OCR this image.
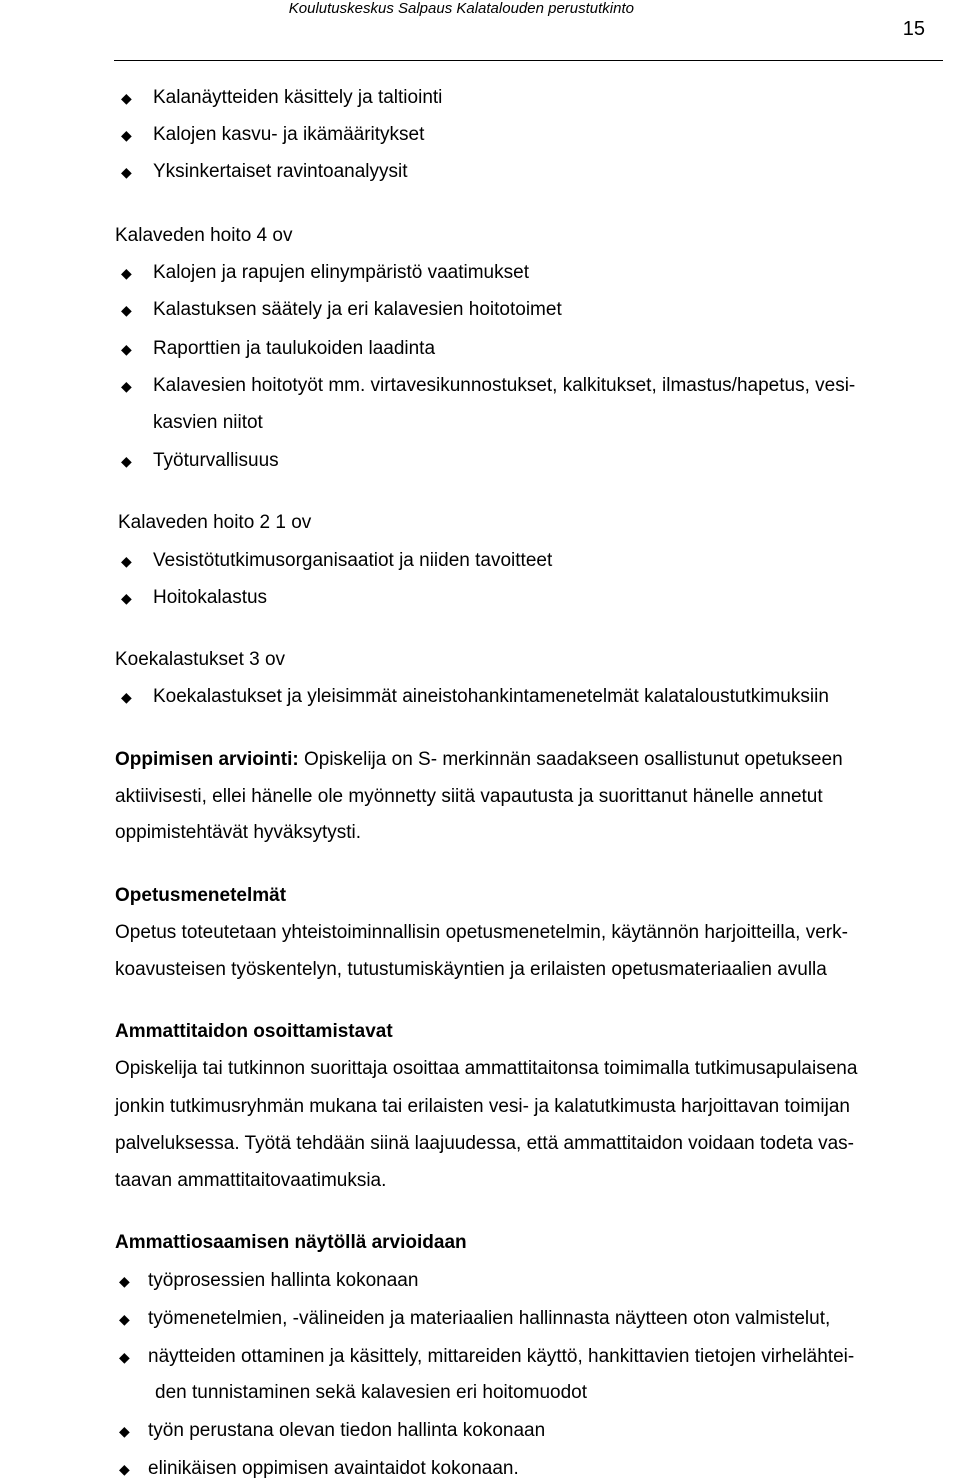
Koulutuskeskus Salpaus Kalatalouden perustutkinto
15
◆ Kalanäytteiden käsittely ja taltiointi
◆ Kalojen kasvu- ja ikämääritykset
◆ Yksinkertaiset ravintoanalyysit
Kalaveden hoito 4 ov
◆ Kalojen ja rapujen elinympäristö vaatimukset
◆ Kalastuksen säätely ja eri kalavesien hoitotoimet
◆ Raporttien ja taulukoiden laadinta
◆ Kalavesien hoitotyöt mm. virtavesikunnostukset, kalkitukset, ilmastus/hapetus, vesi-
kasvien niitot
◆ Työturvallisuus
Kalaveden hoito 2 1 ov
◆ Vesistötutkimusorganisaatiot ja niiden tavoitteet
◆ Hoitokalastus
Koekalastukset 3 ov
◆ Koekalastukset ja yleisimmät aineistohankintamenetelmät kalataloustutkimuksiin
Oppimisen arviointi: Opiskelija on S- merkinnän saadakseen osallistunut opetukseen
aktiivisesti, ellei hänelle ole myönnetty siitä vapautusta ja suorittanut hänelle annetut
oppimistehtävät hyväksytysti.
Opetusmenetelmät
Opetus toteutetaan yhteistoiminnallisin opetusmenetelmin, käytännön harjoitteilla, verk-
koavusteisen työskentelyn, tutustumiskäyntien ja erilaisten opetusmateriaalien avulla
Ammattitaidon osoittamistavat
Opiskelija tai tutkinnon suorittaja osoittaa ammattitaitonsa toimimalla tutkimusapulaisena
jonkin tutkimusryhmän mukana tai erilaisten vesi- ja kalatutkimusta harjoittavan toimijan
palveluksessa. Työtä tehdään siinä laajuudessa, että ammattitaidon voidaan todeta vas-
taavan ammattitaitovaatimuksia.
Ammattiosaamisen näytöllä arvioidaan
◆ työprosessien hallinta kokonaan
◆ työmenetelmien, -välineiden ja materiaalien hallinnasta näytteen oton valmistelut,
◆ näytteiden ottaminen ja käsittely, mittareiden käyttö, hankittavien tietojen virhelähtei-
den tunnistaminen sekä kalavesien eri hoitomuodot
◆ työn perustana olevan tiedon hallinta kokonaan
◆ elinikäisen oppimisen avaintaidot kokonaan.
